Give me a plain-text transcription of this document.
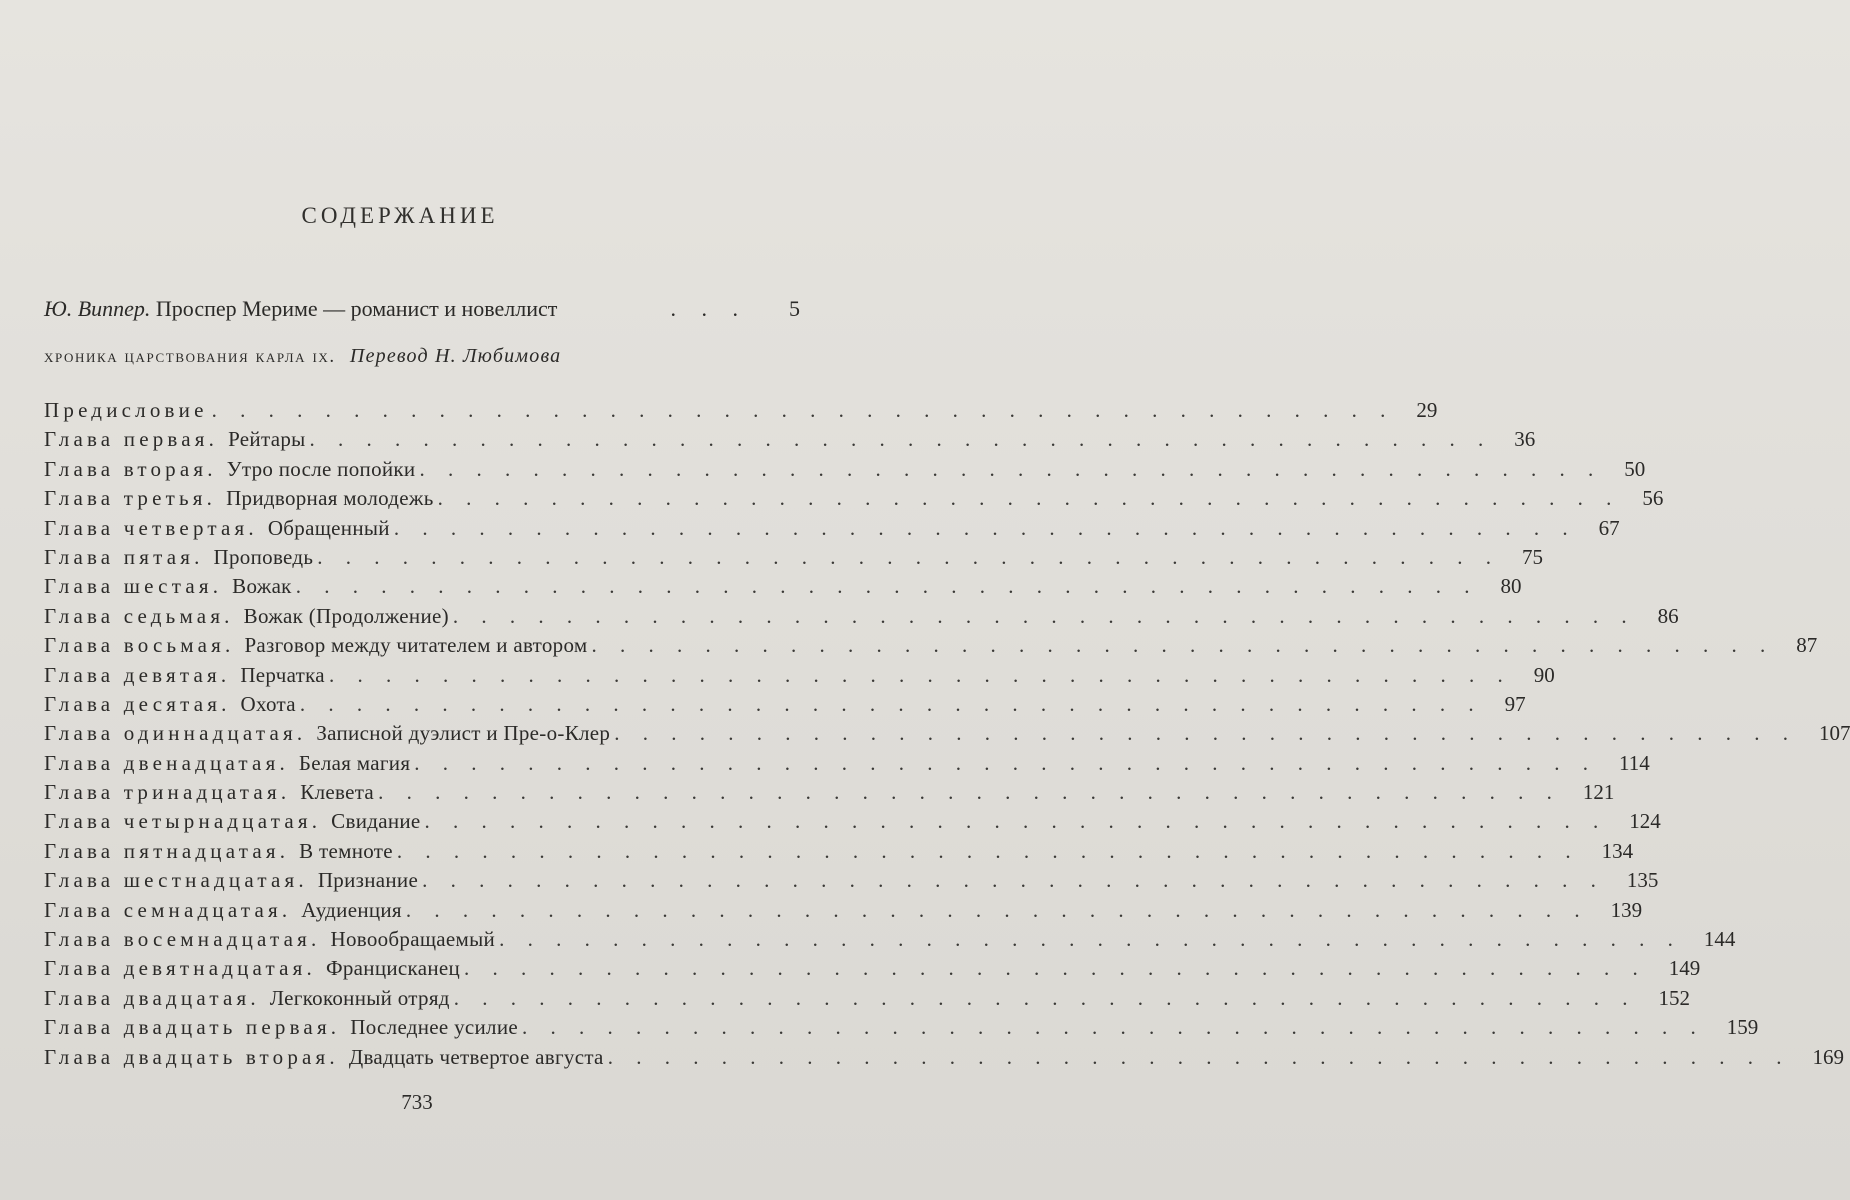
СОДЕРЖАНИЕ
Ю. Виппер.
Проспер Мериме — романист и новеллист	. . .	5
хроника царствования карла ix. Перевод Н. Любимова
Предисловие . . . . . . . . . . . . . . . . . . . . . . . . . . . . . . . . . . . . . . . . . .	29
Глава первая. Рейтары . . . . . . . . . . . . . . . . . . . . . . . . . . . . . . . . . . . . . . . . . .	36
Глава вторая. Утро после попойки . . . . . . . . . . . . . . . . . . . . . . . . . . . . . . . . . . . . . . . . . .	50
Глава третья. Придворная молодежь . . . . . . . . . . . . . . . . . . . . . . . . . . . . . . . . . . . . . . . . . .	56
Глава четвертая. Обращенный . . . . . . . . . . . . . . . . . . . . . . . . . . . . . . . . . . . . . . . . . .	67
Глава пятая. Проповедь . . . . . . . . . . . . . . . . . . . . . . . . . . . . . . . . . . . . . . . . . .	75
Глава шестая. Вожак . . . . . . . . . . . . . . . . . . . . . . . . . . . . . . . . . . . . . . . . . .	80
Глава седьмая. Вожак (Продолжение) . . . . . . . . . . . . . . . . . . . . . . . . . . . . . . . . . . . . . . . . . .	86
Глава восьмая. Разговор между читателем и автором . . . . . . . . . . . . . . . . . . . . . . . . . . . . . . . . . . . . . . . . . .	87
Глава девятая. Перчатка . . . . . . . . . . . . . . . . . . . . . . . . . . . . . . . . . . . . . . . . . .	90
Глава десятая. Охота . . . . . . . . . . . . . . . . . . . . . . . . . . . . . . . . . . . . . . . . . .	97
Глава одиннадцатая. Записной дуэлист и Пре-о-Клер . . . . . . . . . . . . . . . . . . . . . . . . . . . . . . . . . . . . . . . . . .	107
Глава двенадцатая. Белая магия . . . . . . . . . . . . . . . . . . . . . . . . . . . . . . . . . . . . . . . . . .	114
Глава тринадцатая. Клевета . . . . . . . . . . . . . . . . . . . . . . . . . . . . . . . . . . . . . . . . . .	121
Глава четырнадцатая. Свидание . . . . . . . . . . . . . . . . . . . . . . . . . . . . . . . . . . . . . . . . . .	124
Глава пятнадцатая. В темноте . . . . . . . . . . . . . . . . . . . . . . . . . . . . . . . . . . . . . . . . . .	134
Глава шестнадцатая. Признание . . . . . . . . . . . . . . . . . . . . . . . . . . . . . . . . . . . . . . . . . .	135
Глава семнадцатая. Аудиенция . . . . . . . . . . . . . . . . . . . . . . . . . . . . . . . . . . . . . . . . . .	139
Глава восемнадцатая. Новообращаемый . . . . . . . . . . . . . . . . . . . . . . . . . . . . . . . . . . . . . . . . . .	144
Глава девятнадцатая. Францисканец . . . . . . . . . . . . . . . . . . . . . . . . . . . . . . . . . . . . . . . . . .	149
Глава двадцатая. Легкоконный отряд . . . . . . . . . . . . . . . . . . . . . . . . . . . . . . . . . . . . . . . . . .	152
Глава двадцать первая. Последнее усилие . . . . . . . . . . . . . . . . . . . . . . . . . . . . . . . . . . . . . . . . . .	159
Глава двадцать вторая. Двадцать четвертое августа . . . . . . . . . . . . . . . . . . . . . . . . . . . . . . . . . . . . . . . . . .	169
733
